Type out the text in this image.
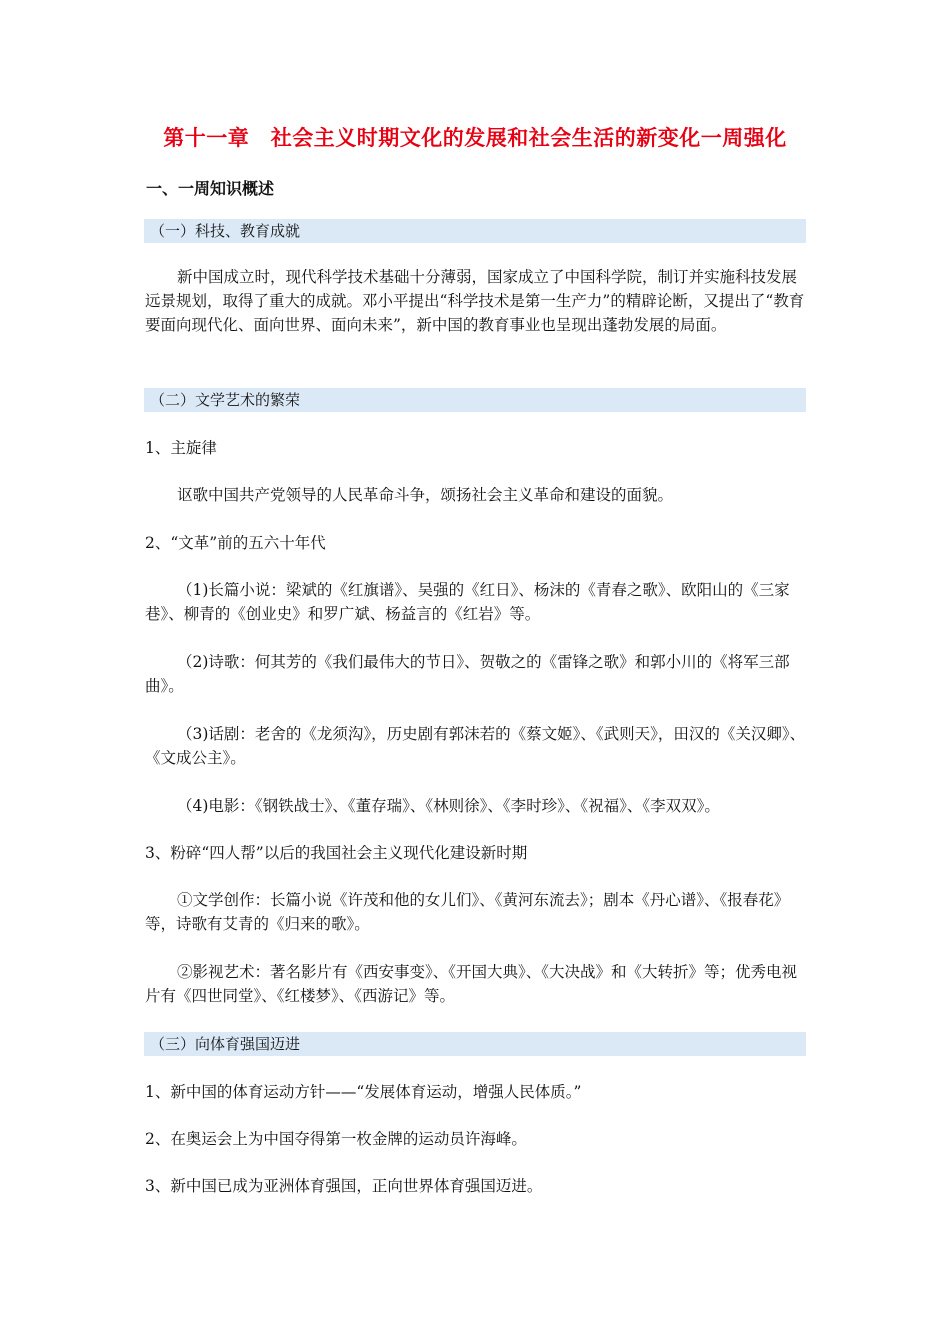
第十一章　社会主义时期文化的发展和社会生活的新变化一周强化
一、一周知识概述
（一）科技、教育成就
新中国成立时，现代科学技术基础十分薄弱，国家成立了中国科学院，制订并实施科技发展远景规划，取得了重大的成就。邓小平提出“科学技术是第一生产力”的精辟论断，又提出了“教育要面向现代化、面向世界、面向未来”，新中国的教育事业也呈现出蓬勃发展的局面。
（二）文学艺术的繁荣
1、主旋律
讴歌中国共产党领导的人民革命斗争，颂扬社会主义革命和建设的面貌。
2、“文革”前的五六十年代
（1)长篇小说：梁斌的《红旗谱》、吴强的《红日》、杨沫的《青春之歌》、欧阳山的《三家巷》、柳青的《创业史》和罗广斌、杨益言的《红岩》等。
（2)诗歌：何其芳的《我们最伟大的节日》、贺敬之的《雷锋之歌》和郭小川的《将军三部曲》。
（3)话剧：老舍的《龙须沟》，历史剧有郭沫若的《蔡文姬》、《武则天》，田汉的《关汉卿》、《文成公主》。
（4)电影：《钢铁战士》、《董存瑞》、《林则徐》、《李时珍》、《祝福》、《李双双》。
3、粉碎“四人帮”以后的我国社会主义现代化建设新时期
①文学创作：长篇小说《许茂和他的女儿们》、《黄河东流去》；剧本《丹心谱》、《报春花》等，诗歌有艾青的《归来的歌》。
②影视艺术：著名影片有《西安事变》、《开国大典》、《大决战》和《大转折》等；优秀电视片有《四世同堂》、《红楼梦》、《西游记》等。
（三）向体育强国迈进
1、新中国的体育运动方针——“发展体育运动，增强人民体质。”
2、在奥运会上为中国夺得第一枚金牌的运动员许海峰。
3、新中国已成为亚洲体育强国，正向世界体育强国迈进。
